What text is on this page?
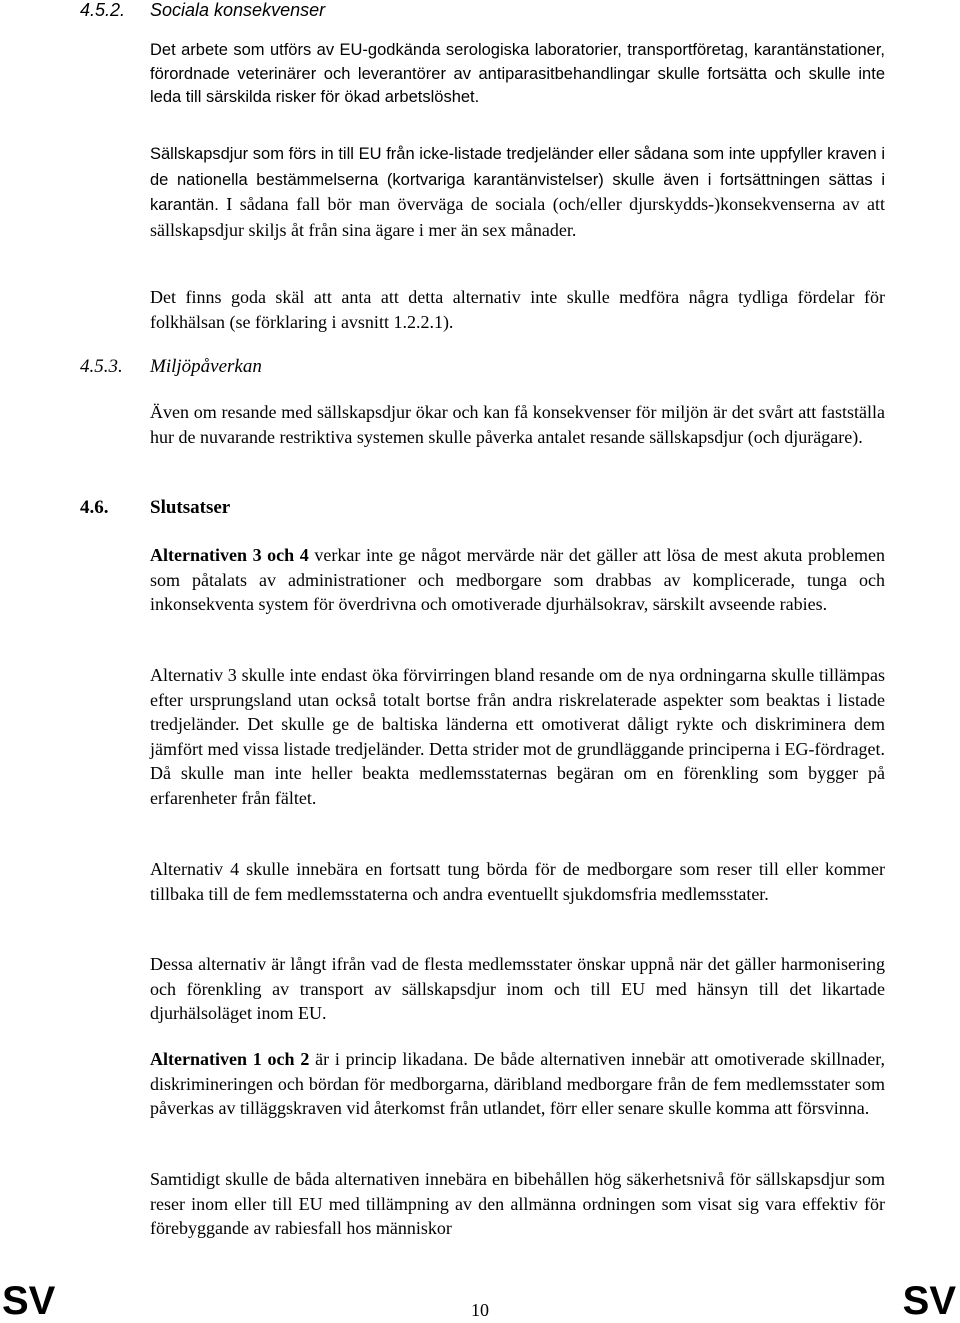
4.5.2. Sociala konsekvenser

Det arbete som utförs av EU-godkända serologiska laboratorier, transportföretag, karantänstationer, förordnade veterinärer och leverantörer av antiparasitbehandlingar skulle fortsätta och skulle inte leda till särskilda risker för ökad arbetslöshet.

Sällskapsdjur som förs in till EU från icke-listade tredjeländer eller sådana som inte uppfyller kraven i de nationella bestämmelserna (kortvariga karantänvistelser) skulle även i fortsättningen sättas i karantän. I sådana fall bör man överväga de sociala (och/eller djurskydds-)konsekvenserna av att sällskapsdjur skiljs åt från sina ägare i mer än sex månader.

Det finns goda skäl att anta att detta alternativ inte skulle medföra några tydliga fördelar för folkhälsan (se förklaring i avsnitt 1.2.2.1).

4.5.3. Miljöpåverkan

Även om resande med sällskapsdjur ökar och kan få konsekvenser för miljön är det svårt att fastställa hur de nuvarande restriktiva systemen skulle påverka antalet resande sällskapsdjur (och djurägare).

4.6. Slutsatser

Alternativen 3 och 4 verkar inte ge något mervärde när det gäller att lösa de mest akuta problemen som påtalats av administrationer och medborgare som drabbas av komplicerade, tunga och inkonsekventa system för överdrivna och omotiverade djurhälsokrav, särskilt avseende rabies.

Alternativ 3 skulle inte endast öka förvirringen bland resande om de nya ordningarna skulle tillämpas efter ursprungsland utan också totalt bortse från andra riskrelaterade aspekter som beaktas i listade tredjeländer. Det skulle ge de baltiska länderna ett omotiverat dåligt rykte och diskriminera dem jämfört med vissa listade tredjeländer. Detta strider mot de grundläggande principerna i EG-fördraget. Då skulle man inte heller beakta medlemsstaternas begäran om en förenkling som bygger på erfarenheter från fältet.

Alternativ 4 skulle innebära en fortsatt tung börda för de medborgare som reser till eller kommer tillbaka till de fem medlemsstaterna och andra eventuellt sjukdomsfria medlemsstater.

Dessa alternativ är långt ifrån vad de flesta medlemsstater önskar uppnå när det gäller harmonisering och förenkling av transport av sällskapsdjur inom och till EU med hänsyn till det likartade djurhälsoläget inom EU.

Alternativen 1 och 2 är i princip likadana. De både alternativen innebär att omotiverade skillnader, diskrimineringen och bördan för medborgarna, däribland medborgare från de fem medlemsstater som påverkas av tilläggskraven vid återkomst från utlandet, förr eller senare skulle komma att försvinna.

Samtidigt skulle de båda alternativen innebära en bibehållen hög säkerhetsnivå för sällskapsdjur som reser inom eller till EU med tillämpning av den allmänna ordningen som visat sig vara effektiv för förebyggande av rabiesfall hos människor

SV	10	SV
